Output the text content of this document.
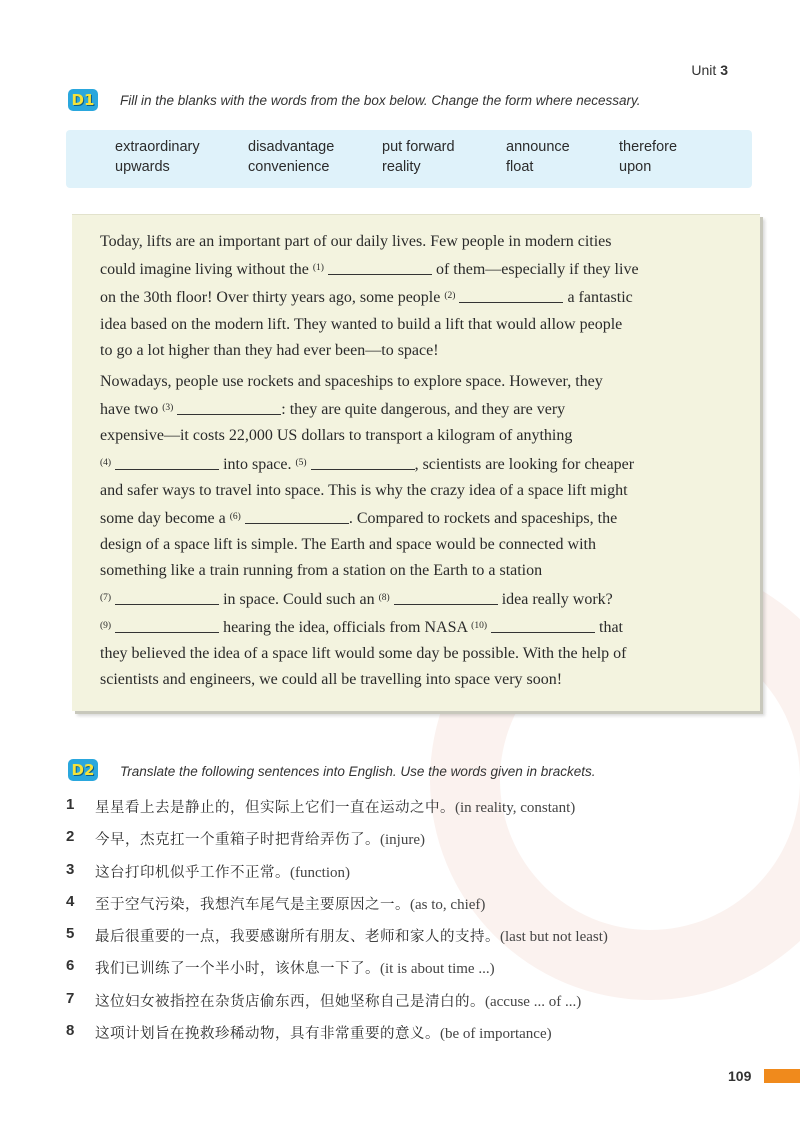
Unit 3
D1 Fill in the blanks with the words from the box below. Change the form where necessary.
extraordinary	disadvantage	put forward	announce	therefore
upwards	convenience	reality	float	upon
Today, lifts are an important part of our daily lives. Few people in modern cities
could imagine living without the $^{(1)}$	of them—especially if they live
on the 30th floor! Over thirty years ago, some people $^{(2)}$	a fantastic
idea based on the modern lift. They wanted to build a lift that would allow people
to go a lot higher than they had ever been—to space!
Nowadays, people use rockets and spaceships to explore space. However, they
have two $^{(3)}$	: they are quite dangerous, and they are very
expensive—it costs 22,000 US dollars to transport a kilogram of anything
$^{(4)}$	into space. $^{(5)}$	, scientists are looking for cheaper
and safer ways to travel into space. This is why the crazy idea of a space lift might
some day become a $^{(6)}$	. Compared to rockets and spaceships, the
design of a space lift is simple. The Earth and space would be connected with
something like a train running from a station on the Earth to a station
$^{(7)}$	in space. Could such an $^{(8)}$	idea really work?
$^{(9)}$	hearing the idea, officials from NASA $^{(10)}$	that
they believed the idea of a space lift would some day be possible. With the help of
scientists and engineers, we could all be travelling into space very soon!
D2 Translate the following sentences into English. Use the words given in brackets.
1 星星看上去是静止的，但实际上它们一直在运动之中。(in reality, constant)
2 今早，杰克扛一个重箱子时把背给弄伤了。(injure)
3 这台打印机似乎工作不正常。(function)
4 至于空气污染，我想汽车尾气是主要原因之一。(as to, chief)
5 最后很重要的一点，我要感谢所有朋友、老师和家人的支持。(last but not least)
6 我们已训练了一个半小时，该休息一下了。(it is about time ...)
7 这位妇女被指控在杂货店偷东西，但她坚称自己是清白的。(accuse ... of ...)
8 这项计划旨在挽救珍稀动物，具有非常重要的意义。(be of importance)
109
